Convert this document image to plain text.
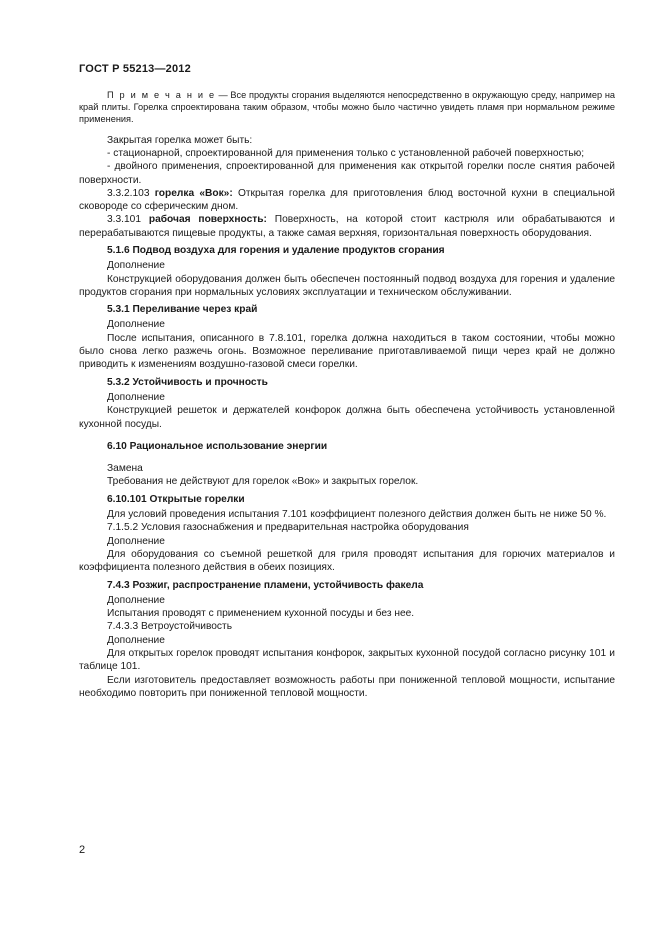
ГОСТ Р 55213—2012

П р и м е ч а н и е — Все продукты сгорания выделяются непосредственно в окружающую среду, например на край плиты. Горелка спроектирована таким образом, чтобы можно было частично увидеть пламя при нормальном режиме применения.

Закрытая горелка может быть:

- стационарной, спроектированной для применения только с установленной рабочей поверхностью;

- двойного применения, спроектированной для применения как открытой горелки после снятия рабочей поверхности.

3.3.2.103 горелка «Вок»: Открытая горелка для приготовления блюд восточной кухни в специальной сковороде со сферическим дном.

3.3.101 рабочая поверхность: Поверхность, на которой стоит кастрюля или обрабатываются и перерабатываются пищевые продукты, а также самая верхняя, горизонтальная поверхность оборудования.

5.1.6 Подвод воздуха для горения и удаление продуктов сгорания

Дополнение

Конструкцией оборудования должен быть обеспечен постоянный подвод воздуха для горения и удаление продуктов сгорания при нормальных условиях эксплуатации и техническом обслуживании.

5.3.1 Переливание через край

Дополнение

После испытания, описанного в 7.8.101, горелка должна находиться в таком состоянии, чтобы можно было снова легко разжечь огонь. Возможное переливание приготавливаемой пищи через край не должно приводить к изменениям воздушно-газовой смеси горелки.

5.3.2 Устойчивость и прочность

Дополнение

Конструкцией решеток и держателей конфорок должна быть обеспечена устойчивость установленной кухонной посуды.

6.10 Рациональное использование энергии

Замена

Требования не действуют для горелок «Вок» и закрытых горелок.

6.10.101 Открытые горелки

Для условий проведения испытания 7.101 коэффициент полезного действия должен быть не ниже 50 %.

7.1.5.2 Условия газоснабжения и предварительная настройка оборудования

Дополнение

Для оборудования со съемной решеткой для гриля проводят испытания для горючих материалов и коэффициента полезного действия в обеих позициях.

7.4.3 Розжиг, распространение пламени, устойчивость факела

Дополнение

Испытания проводят с применением кухонной посуды и без нее.

7.4.3.3 Ветроустойчивость

Дополнение

Для открытых горелок проводят испытания конфорок, закрытых кухонной посудой согласно рисунку 101 и таблице 101.

Если изготовитель предоставляет возможность работы при пониженной тепловой мощности, испытание необходимо повторить при пониженной тепловой мощности.

2
